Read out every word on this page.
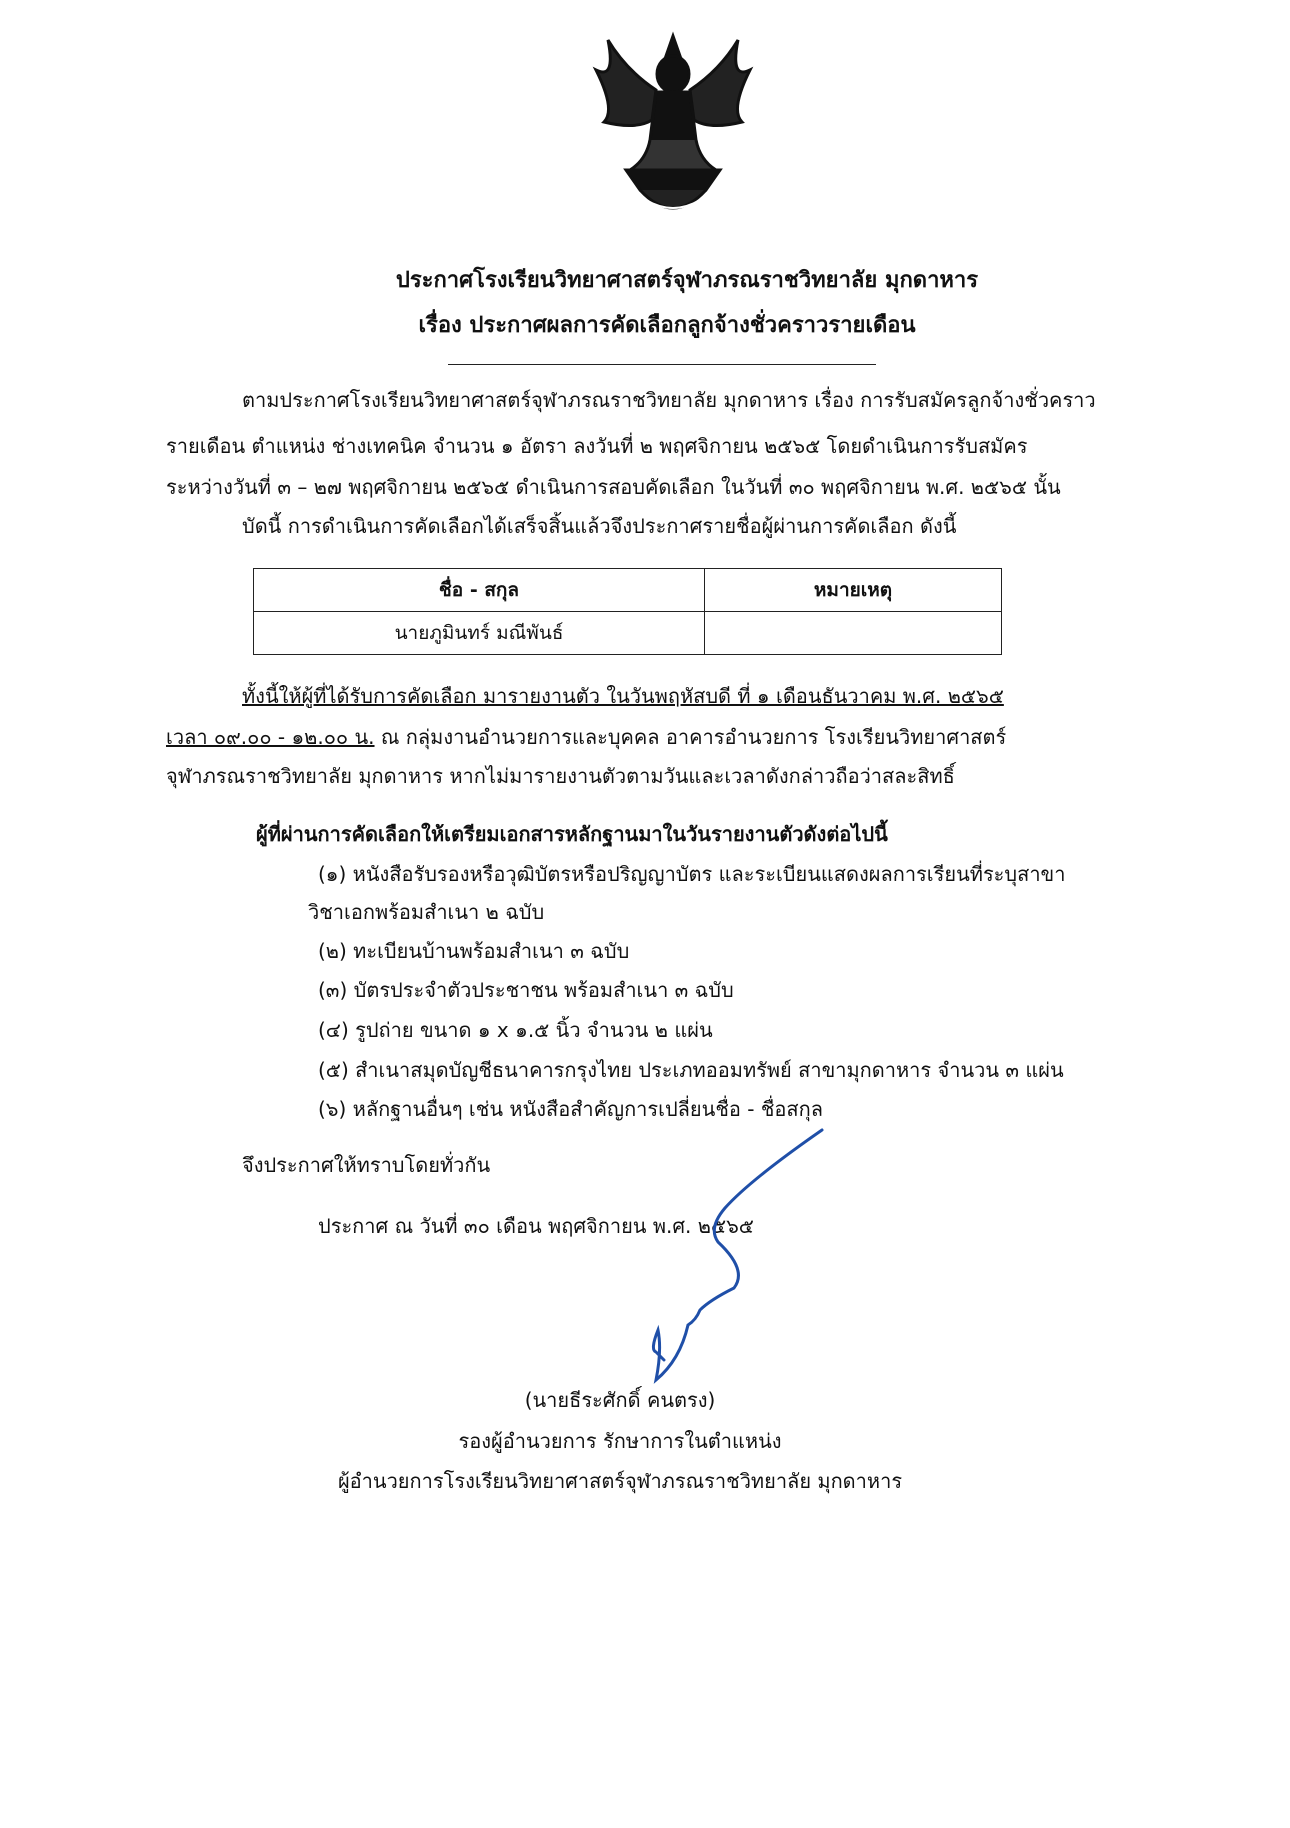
ประกาศโรงเรียนวิทยาศาสตร์จุฬาภรณราชวิทยาลัย มุกดาหาร
เรื่อง ประกาศผลการคัดเลือกลูกจ้างชั่วคราวรายเดือน
ตามประกาศโรงเรียนวิทยาศาสตร์จุฬาภรณราชวิทยาลัย มุกดาหาร เรื่อง การรับสมัครลูกจ้างชั่วคราว
รายเดือน ตำแหน่ง ช่างเทคนิค จำนวน ๑ อัตรา ลงวันที่ ๒ พฤศจิกายน ๒๕๖๕ โดยดำเนินการรับสมัคร
ระหว่างวันที่ ๓ – ๒๗ พฤศจิกายน ๒๕๖๕ ดำเนินการสอบคัดเลือก ในวันที่ ๓๐ พฤศจิกายน พ.ศ. ๒๕๖๕ นั้น
บัดนี้ การดำเนินการคัดเลือกได้เสร็จสิ้นแล้วจึงประกาศรายชื่อผู้ผ่านการคัดเลือก ดังนี้
ชื่อ - สกุล	หมายเหตุ
นายภูมินทร์ มณีพันธ์	
ทั้งนี้ให้ผู้ที่ได้รับการคัดเลือก มารายงานตัว ในวันพฤหัสบดี ที่ ๑ เดือนธันวาคม พ.ศ. ๒๕๖๕
เวลา ๐๙.๐๐ - ๑๒.๐๐ น. ณ กลุ่มงานอำนวยการและบุคคล อาคารอำนวยการ โรงเรียนวิทยาศาสตร์
จุฬาภรณราชวิทยาลัย มุกดาหาร หากไม่มารายงานตัวตามวันและเวลาดังกล่าวถือว่าสละสิทธิ์
ผู้ที่ผ่านการคัดเลือกให้เตรียมเอกสารหลักฐานมาในวันรายงานตัวดังต่อไปนี้
(๑) หนังสือรับรองหรือวุฒิบัตรหรือปริญญาบัตร และระเบียนแสดงผลการเรียนที่ระบุสาขา
วิชาเอกพร้อมสำเนา ๒ ฉบับ
(๒) ทะเบียนบ้านพร้อมสำเนา ๓ ฉบับ
(๓) บัตรประจำตัวประชาชน พร้อมสำเนา ๓ ฉบับ
(๔) รูปถ่าย ขนาด ๑ x ๑.๕ นิ้ว จำนวน ๒ แผ่น
(๕) สำเนาสมุดบัญชีธนาคารกรุงไทย ประเภทออมทรัพย์ สาขามุกดาหาร จำนวน ๓ แผ่น
(๖) หลักฐานอื่นๆ เช่น หนังสือสำคัญการเปลี่ยนชื่อ - ชื่อสกุล
จึงประกาศให้ทราบโดยทั่วกัน
ประกาศ ณ วันที่ ๓๐ เดือน พฤศจิกายน พ.ศ. ๒๕๖๕
(นายธีระศักดิ์ คนตรง)
รองผู้อำนวยการ รักษาการในตำแหน่ง
ผู้อำนวยการโรงเรียนวิทยาศาสตร์จุฬาภรณราชวิทยาลัย มุกดาหาร
